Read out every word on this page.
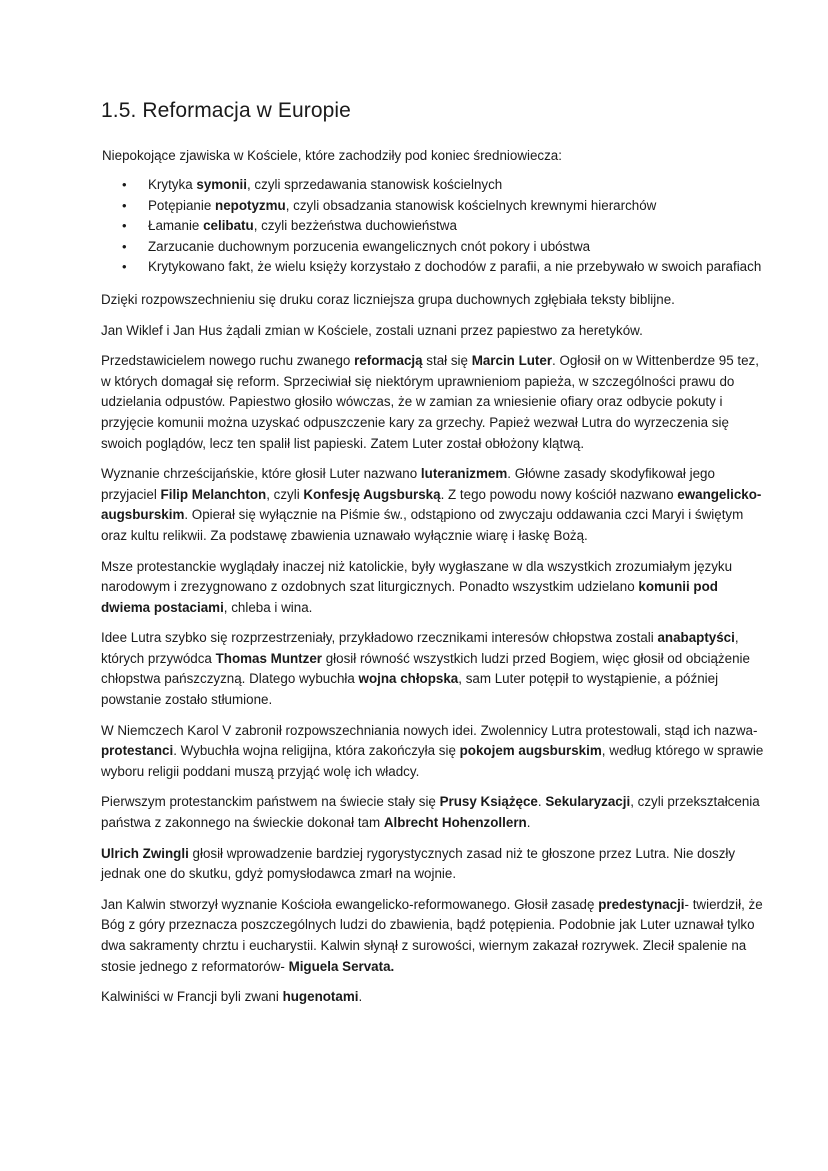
1.5. Reformacja w Europie
Niepokojące zjawiska w Kościele, które zachodziły pod koniec średniowiecza:
• Krytyka symonii, czyli sprzedawania stanowisk kościelnych
• Potępianie nepotyzmu, czyli obsadzania stanowisk kościelnych krewnymi hierarchów
• Łamanie celibatu, czyli bezżeństwa duchowieństwa
• Zarzucanie duchownym porzucenia ewangelicznych cnót pokory i ubóstwa
• Krytykowano fakt, że wielu księży korzystało z dochodów z parafii, a nie przebywało w swoich parafiach

Dzięki rozpowszechnieniu się druku coraz liczniejsza grupa duchownych zgłębiała teksty biblijne.

Jan Wiklef i Jan Hus żądali zmian w Kościele, zostali uznani przez papiestwo za heretyków.

Przedstawicielem nowego ruchu zwanego reformacją stał się Marcin Luter. Ogłosił on w Wittenberdze 95 tez, w których domagał się reform. Sprzeciwiał się niektórym uprawnieniom papieża, w szczególności prawu do udzielania odpustów. Papiestwo głosiło wówczas, że w zamian za wniesienie ofiary oraz odbycie pokuty i przyjęcie komunii można uzyskać odpuszczenie kary za grzechy. Papież wezwał Lutra do wyrzeczenia się swoich poglądów, lecz ten spalił list papieski. Zatem Luter został obłożony klątwą.

Wyznanie chrześcijańskie, które głosił Luter nazwano luteranizmem. Główne zasady skodyfikował jego przyjaciel Filip Melanchton, czyli Konfesję Augsburską. Z tego powodu nowy kościół nazwano ewangelicko- augsburskim. Opierał się wyłącznie na Piśmie św., odstąpiono od zwyczaju oddawania czci Maryi i świętym oraz kultu relikwii. Za podstawę zbawienia uznawało wyłącznie wiarę i łaskę Bożą.

Msze protestanckie wyglądały inaczej niż katolickie, były wygłaszane w dla wszystkich zrozumiałym języku narodowym i zrezygnowano z ozdobnych szat liturgicznych. Ponadto wszystkim udzielano komunii pod dwiema postaciami, chleba i wina.

Idee Lutra szybko się rozprzestrzeniały, przykładowo rzecznikami interesów chłopstwa zostali anabaptyści, których przywódca Thomas Muntzer głosił równość wszystkich ludzi przed Bogiem, więc głosił od obciążenie chłopstwa pańszczyzną. Dlatego wybuchła wojna chłopska, sam Luter potępił to wystąpienie, a później powstanie zostało stłumione.

W Niemczech Karol V zabronił rozpowszechniania nowych idei. Zwolennicy Lutra protestowali, stąd ich nazwa- protestanci. Wybuchła wojna religijna, która zakończyła się pokojem augsburskim, według którego w sprawie wyboru religii poddani muszą przyjąć wolę ich władcy.

Pierwszym protestanckim państwem na świecie stały się Prusy Książęce. Sekularyzacji, czyli przekształcenia państwa z zakonnego na świeckie dokonał tam Albrecht Hohenzollern.

Ulrich Zwingli głosił wprowadzenie bardziej rygorystycznych zasad niż te głoszone przez Lutra. Nie doszły jednak one do skutku, gdyż pomysłodawca zmarł na wojnie.

Jan Kalwin stworzył wyznanie Kościoła ewangelicko-reformowanego. Głosił zasadę predestynacji- twierdził, że Bóg z góry przeznacza poszczególnych ludzi do zbawienia, bądź potępienia. Podobnie jak Luter uznawał tylko dwa sakramenty chrztu i eucharystii. Kalwin słynął z surowości, wiernym zakazał rozrywek. Zlecił spalenie na stosie jednego z reformatorów- Miguela Servata.

Kalwiniści w Francji byli zwani hugenotami.
